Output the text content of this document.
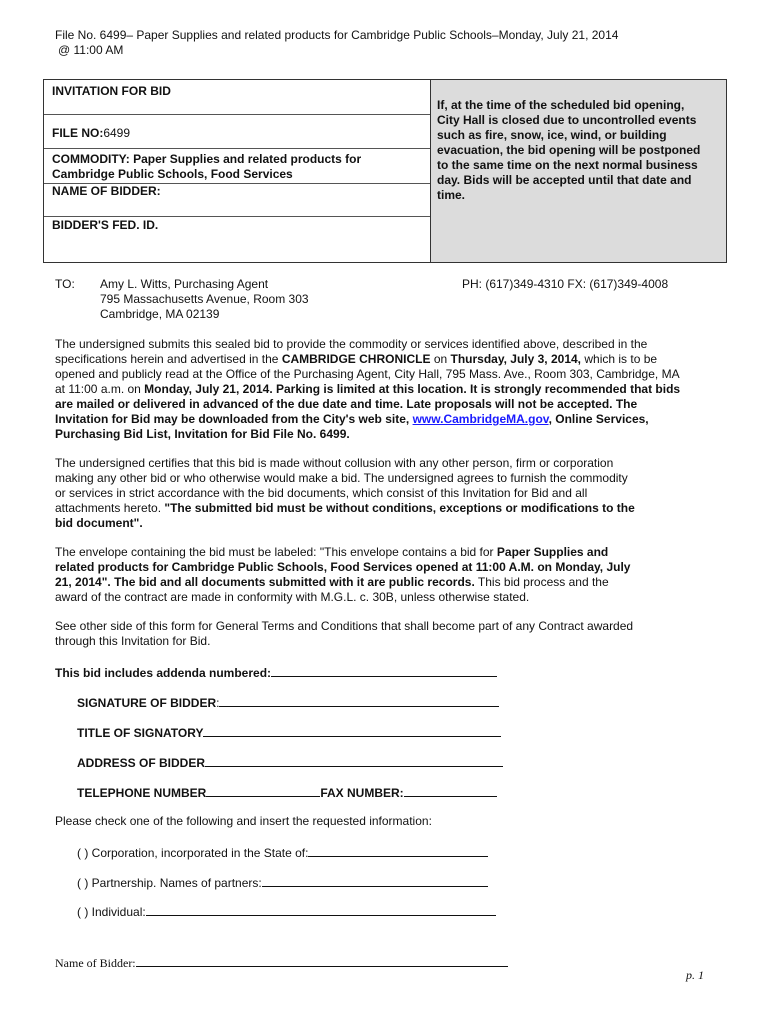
File No. 6499– Paper Supplies and related products for Cambridge Public Schools–Monday, July 21, 2014
@ 11:00 AM
INVITATION FOR BID
FILE NO:6499
COMMODITY: Paper Supplies and related products for
Cambridge Public Schools, Food Services
NAME OF BIDDER:
BIDDER'S FED. ID.
If, at the time of the scheduled bid opening,
City Hall is closed due to uncontrolled events
such as fire, snow, ice, wind, or building
evacuation, the bid opening will be postponed
to the same time on the next normal business
day. Bids will be accepted until that date and
time.
TO: Amy L. Witts, Purchasing Agent
795 Massachusetts Avenue, Room 303
Cambridge, MA 02139
PH: (617)349-4310 FX: (617)349-4008
The undersigned submits this sealed bid to provide the commodity or services identified above, described in the
specifications herein and advertised in the CAMBRIDGE CHRONICLE on Thursday, July 3, 2014, which is to be
opened and publicly read at the Office of the Purchasing Agent, City Hall, 795 Mass. Ave., Room 303, Cambridge, MA
at 11:00 a.m. on Monday, July 21, 2014. Parking is limited at this location. It is strongly recommended that bids
are mailed or delivered in advanced of the due date and time. Late proposals will not be accepted. The
Invitation for Bid may be downloaded from the City's web site, www.CambridgeMA.gov, Online Services,
Purchasing Bid List, Invitation for Bid File No. 6499.
The undersigned certifies that this bid is made without collusion with any other person, firm or corporation
making any other bid or who otherwise would make a bid. The undersigned agrees to furnish the commodity
or services in strict accordance with the bid documents, which consist of this Invitation for Bid and all
attachments hereto. "The submitted bid must be without conditions, exceptions or modifications to the
bid document".
The envelope containing the bid must be labeled: "This envelope contains a bid for Paper Supplies and
related products for Cambridge Public Schools, Food Services opened at 11:00 A.M. on Monday, July
21, 2014". The bid and all documents submitted with it are public records. This bid process and the
award of the contract are made in conformity with M.G.L. c. 30B, unless otherwise stated.
See other side of this form for General Terms and Conditions that shall become part of any Contract awarded
through this Invitation for Bid.
This bid includes addenda numbered:
SIGNATURE OF BIDDER:
TITLE OF SIGNATORY
ADDRESS OF BIDDER
TELEPHONE NUMBER	FAX NUMBER:
Please check one of the following and insert the requested information:
( ) Corporation, incorporated in the State of:
( ) Partnership. Names of partners:
( ) Individual:
Name of Bidder:
p. 1
